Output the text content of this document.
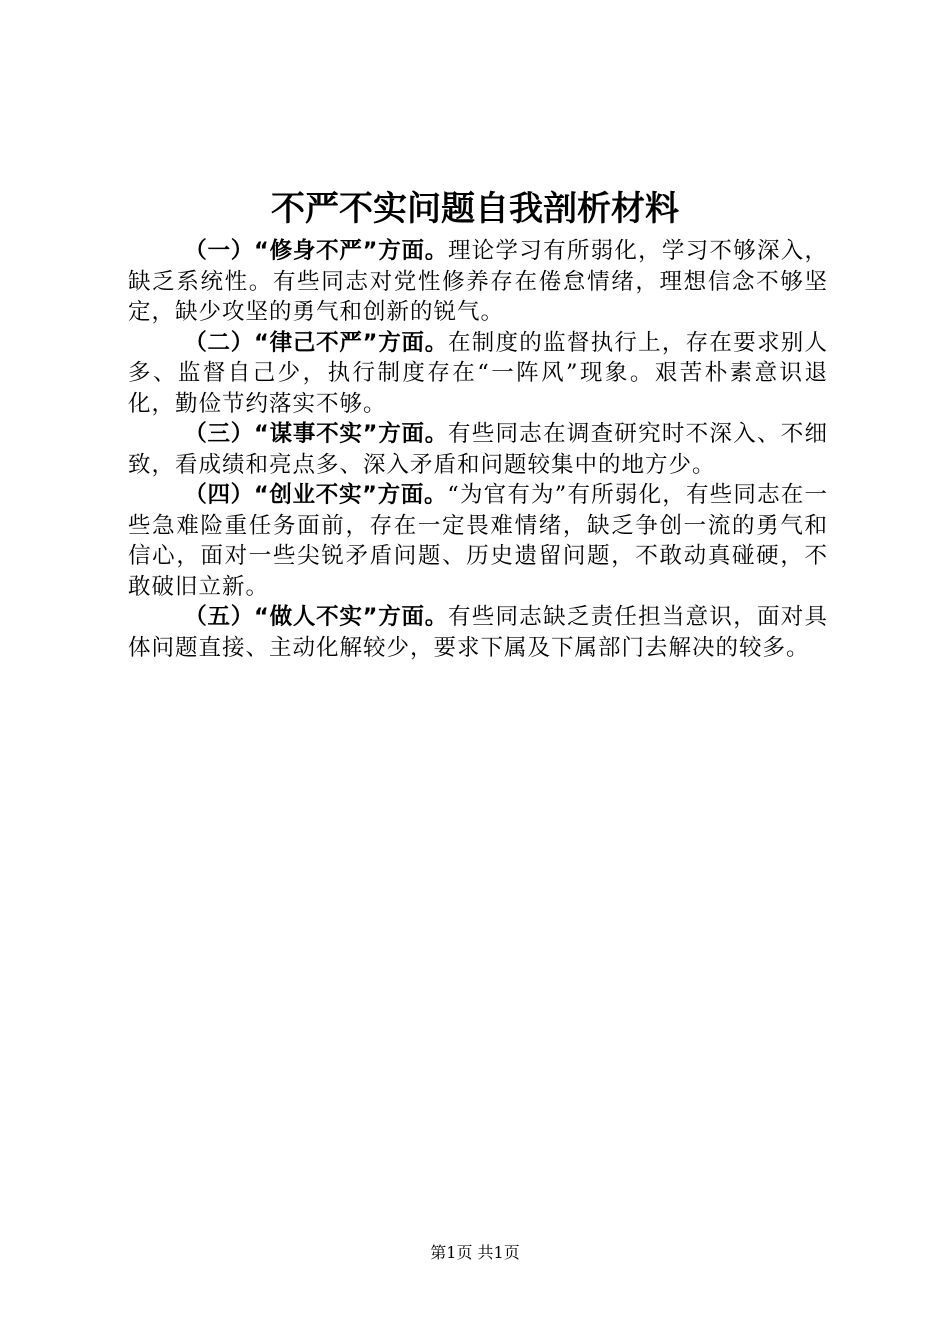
不严不实问题自我剖析材料

（一）“修身不严”方面。理论学习有所弱化，学习不够深入，缺乏系统性。有些同志对党性修养存在倦怠情绪，理想信念不够坚定，缺少攻坚的勇气和创新的锐气。

（二）“律己不严”方面。在制度的监督执行上，存在要求别人多、监督自己少，执行制度存在“一阵风”现象。艰苦朴素意识退化，勤俭节约落实不够。

（三）“谋事不实”方面。有些同志在调查研究时不深入、不细致，看成绩和亮点多、深入矛盾和问题较集中的地方少。

（四）“创业不实”方面。“为官有为”有所弱化，有些同志在一些急难险重任务面前，存在一定畏难情绪，缺乏争创一流的勇气和信心，面对一些尖锐矛盾问题、历史遗留问题，不敢动真碰硬，不敢破旧立新。

（五）“做人不实”方面。有些同志缺乏责任担当意识，面对具体问题直接、主动化解较少，要求下属及下属部门去解决的较多。

第1页 共1页
